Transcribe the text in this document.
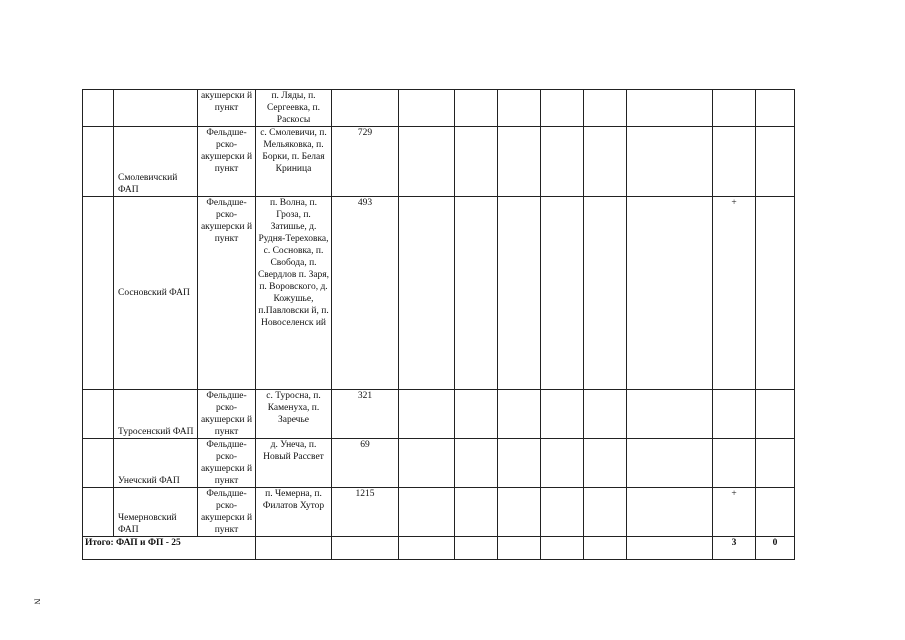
		акушерски й пункт	п. Ляды, п. Сергеевка, п. Раскосы									
	Смолевичский ФАП	Фельдше-рско-акушерски й пункт	с. Смолевичи, п. Мельяковка, п. Борки, п. Белая Криница	729								
	Сосновский ФАП	Фельдше-рско-акушерски й пункт	п. Волна, п. Гроза, п. Затишье, д. Рудня-Тереховка, с. Сосновка, п. Свобода, п. Свердлов п. Заря, п. Воровского, д. Кожушье, п.Павловски й, п. Новоселенск ий	493							+	
	Туросенский ФАП	Фельдше-рско-акушерски й пункт	с. Туросна, п. Каменуха, п. Заречье	321								
	Унечский ФАП	Фельдше-рско-акушерски й пункт	д. Унеча, п. Новый Рассвет	69								
	Чемерновский ФАП	Фельдше-рско-акушерски й пункт	п. Чемерна, п. Филатов Хутор	1215							+	
Итого: ФАП и ФП - 25											3	0
N
